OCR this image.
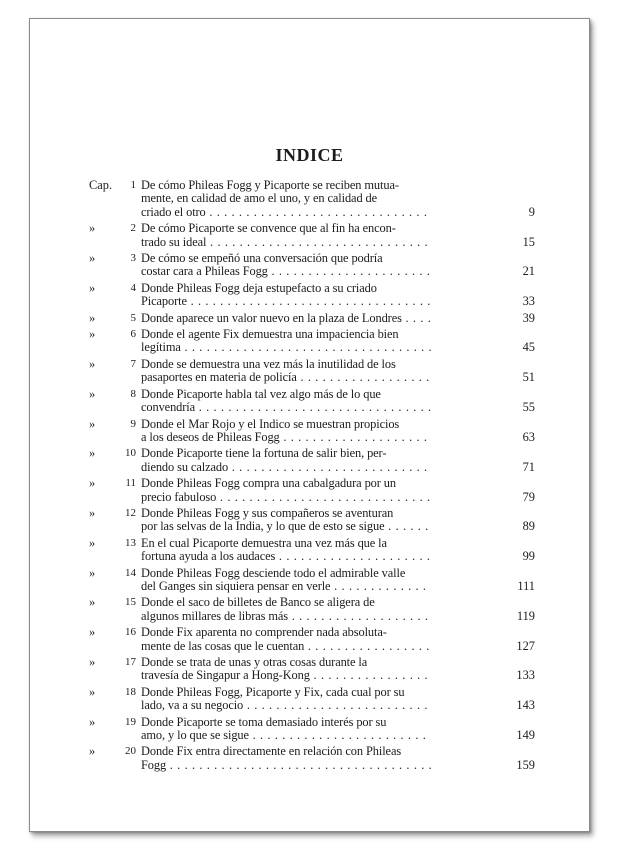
INDICE
Cap. 1 De cómo Phileas Fogg y Picaporte se reciben mutua-
mente, en calidad de amo el uno, y en calidad de
criado el otro . . .	9
»	2 De cómo Picaporte se convence que al fin ha encon-
trado su ideal . . .	15
»	3 De cómo se empeñó una conversación que podría
costar cara a Phileas Fogg . . .	21
»	4 Donde Phileas Fogg deja estupefacto a su criado
Picaporte . . .	33
»	5 Donde aparece un valor nuevo en la plaza de Londres . . .	39
»	6 Donde el agente Fix demuestra una impaciencia bien
legítima . . .	45
»	7 Donde se demuestra una vez más la inutilidad de los
pasaportes en materia de policía . . .	51
»	8 Donde Picaporte habla tal vez algo más de lo que
convendría . . .	55
»	9 Donde el Mar Rojo y el Indico se muestran propicios
a los deseos de Phileas Fogg . . .	63
»	10 Donde Picaporte tiene la fortuna de salir bien, per-
diendo su calzado . . .	71
»	11 Donde Phileas Fogg compra una cabalgadura por un
precio fabuloso . . .	79
»	12 Donde Phileas Fogg y sus compañeros se aventuran
por las selvas de la India, y lo que de esto se sigue . . .	89
»	13 En el cual Picaporte demuestra una vez más que la
fortuna ayuda a los audaces . . .	99
»	14 Donde Phileas Fogg desciende todo el admirable valle
del Ganges sin siquiera pensar en verle . . .	111
»	15 Donde el saco de billetes de Banco se aligera de
algunos millares de libras más . . .	119
»	16 Donde Fix aparenta no comprender nada absoluta-
mente de las cosas que le cuentan . . .	127
»	17 Donde se trata de unas y otras cosas durante la
travesía de Singapur a Hong-Kong . . .	133
»	18 Donde Phileas Fogg, Picaporte y Fix, cada cual por su
lado, va a su negocio . . .	143
»	19 Donde Picaporte se toma demasiado interés por su
amo, y lo que se sigue . . .	149
»	20 Donde Fix entra directamente en relación con Phileas
Fogg . . .	159
